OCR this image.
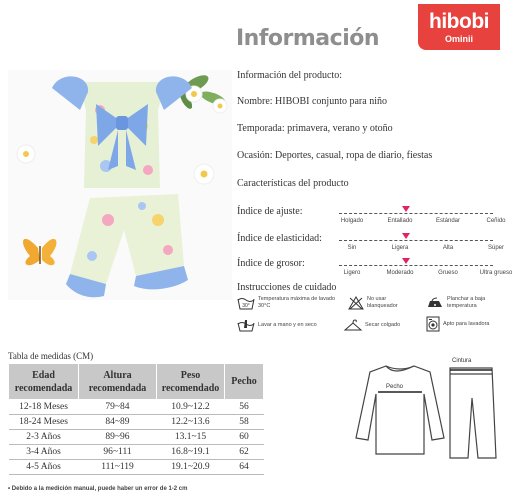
hibobi
Ominii
Información
Información del producto:
Nombre: HIBOBI conjunto para niño
Temporada: primavera, verano y otoño
Ocasión: Deportes, casual, ropa de diario, fiestas
Características del producto
Índice de ajuste:
Holgado	Entallado	Estándar	Ceñido
Índice de elasticidad:
Sin	Ligera	Alta	Súper
Índice de grosor:
Ligero	Moderado	Grueso	Ultra grueso
Instrucciones de cuidado
30°
Temperatura máxima de lavado 30°C
No usar blanqueador
Planchar a baja temperatura
Lavar a mano y en seco	Secar colgado	Apto para lavadora
Tabla de medidas (CM)
Edad recomendada	Altura recomendada	Peso recomendado	Pecho
12-18 Meses	79~84	10.9~12.2	56
18-24 Meses	84~89	12.2~13.6	58
2-3 Años	89~96	13.1~15	60
3-4 Años	96~111	16.8~19.1	62
4-5 Años	111~119	19.1~20.9	64
• Debido a la medición manual, puede haber un error de 1-2 cm
Pecho
Cintura
